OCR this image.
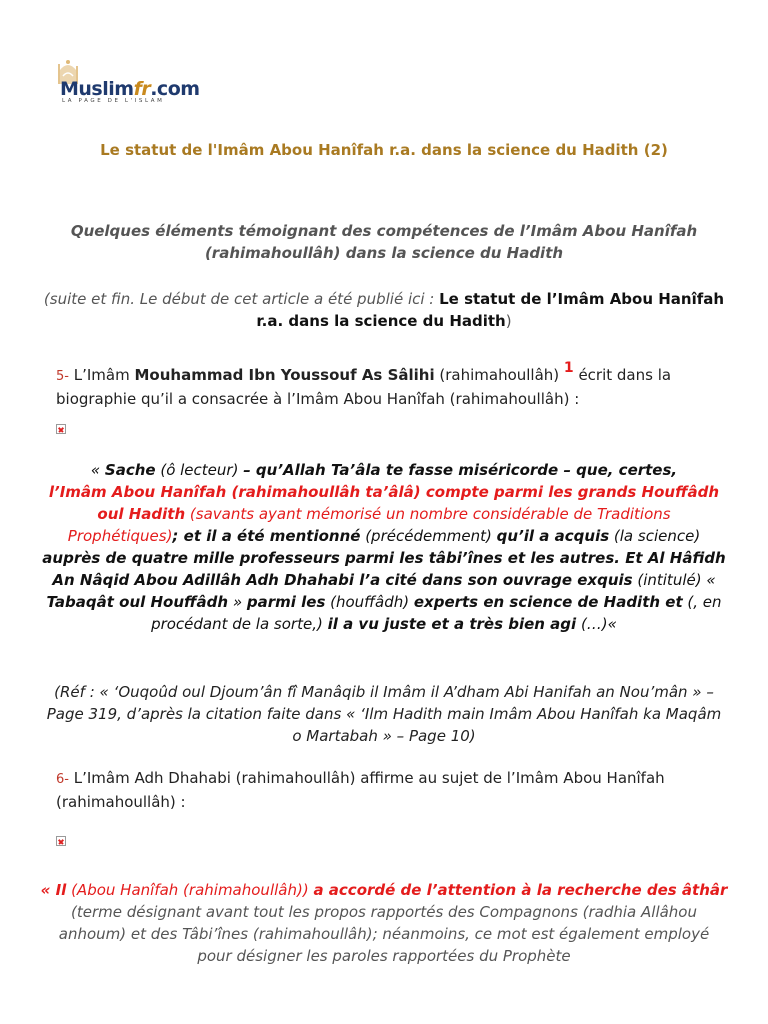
Muslimfr.com
LA PAGE DE L'ISLAM
Le statut de l'Imâm Abou Hanîfah r.a. dans la science du Hadith (2)
Quelques éléments témoignant des compétences de l’Imâm Abou Hanîfah (rahimahoullâh) dans la science du Hadith
(suite et fin. Le début de cet article a été publié ici : Le statut de l’Imâm Abou Hanîfah r.a. dans la science du Hadith)
5- L’Imâm Mouhammad Ibn Youssouf As Sâlihi (rahimahoullâh) 1 écrit dans la biographie qu’il a consacrée à l’Imâm Abou Hanîfah (rahimahoullâh) :
« Sache (ô lecteur) – qu’Allah Ta’âla te fasse miséricorde – que, certes,
l’Imâm Abou Hanîfah (rahimahoullâh ta’âlâ) compte parmi les grands Houffâdh oul Hadith (savants ayant mémorisé un nombre considérable de Traditions Prophétiques); et il a été mentionné (précédemment) qu’il a acquis (la science) auprès de quatre mille professeurs parmi les tâbi’înes et les autres. Et Al Hâfidh An Nâqid Abou Adillâh Adh Dhahabi l’a cité dans son ouvrage exquis (intitulé) « Tabaqât oul Houffâdh » parmi les (houffâdh) experts en science de Hadith et (, en procédant de la sorte,) il a vu juste et a très bien agi (…)«
(Réf : « ‘Ouqoûd oul Djoum’ân fî Manâqib il Imâm il A’dham Abi Hanifah an Nou’mân » – Page 319, d’après la citation faite dans « ‘Ilm Hadith main Imâm Abou Hanîfah ka Maqâm o Martabah » – Page 10)
6- L’Imâm Adh Dhahabi (rahimahoullâh) affirme au sujet de l’Imâm Abou Hanîfah (rahimahoullâh) :
« Il (Abou Hanîfah (rahimahoullâh)) a accordé de l’attention à la recherche des âthâr (terme désignant avant tout les propos rapportés des Compagnons (radhia Allâhou anhoum) et des Tâbi’înes (rahimahoullâh); néanmoins, ce mot est également employé pour désigner les paroles rapportées du Prophète
